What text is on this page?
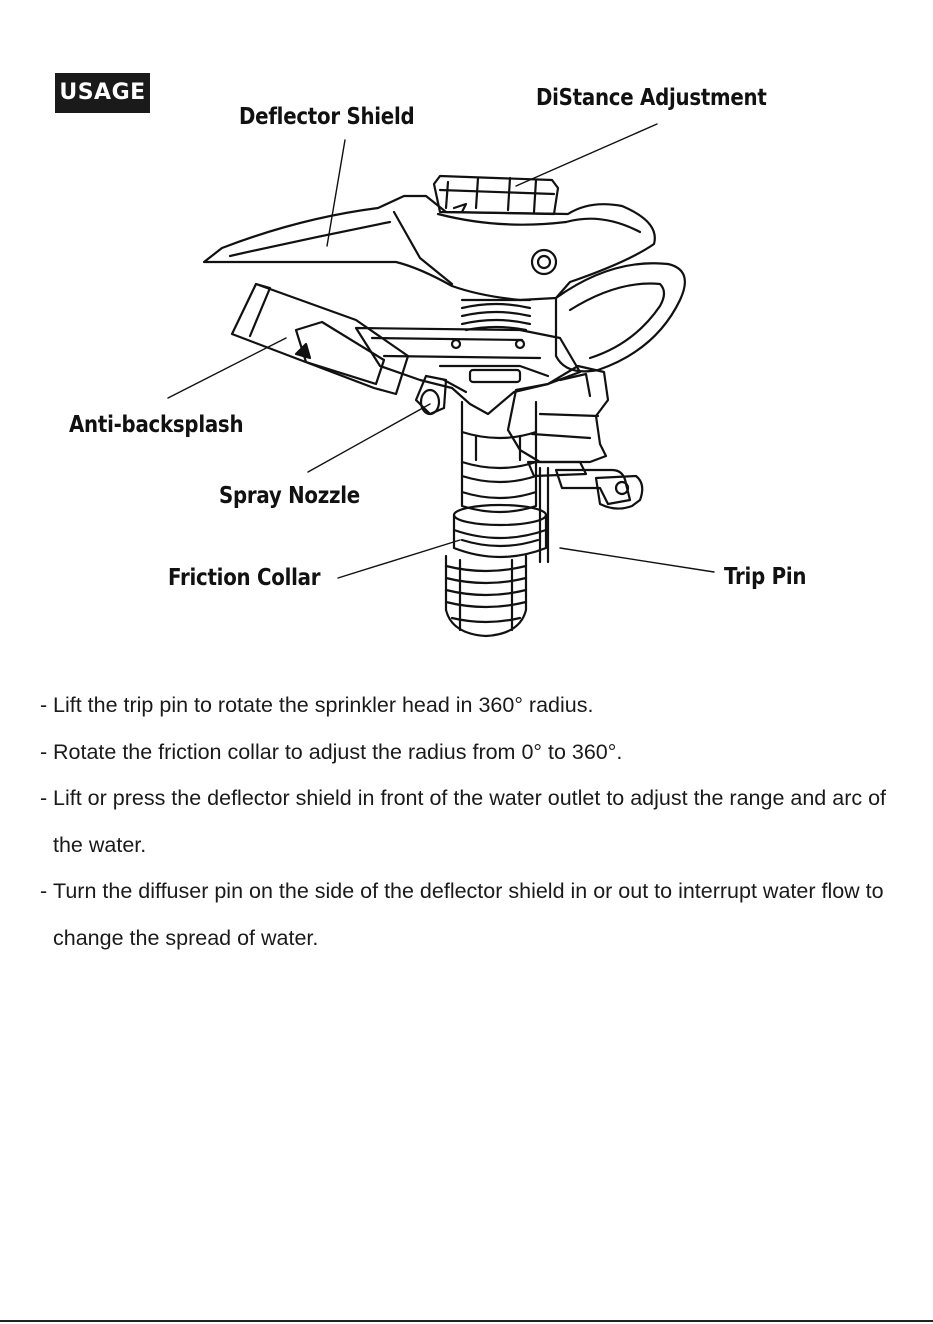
USAGE
Deflector Shield
DiStance Adjustment
Anti-backsplash
Spray Nozzle
Friction Collar	Trip Pin
- Lift the trip pin to rotate the sprinkler head in 360° radius.
- Rotate the friction collar to adjust the radius from 0° to 360°.
- Lift or press the deflector shield in front of the water outlet to adjust the range and arc of the water.
- Turn the diffuser pin on the side of the deflector shield in or out to interrupt water flow to change the spread of water.
